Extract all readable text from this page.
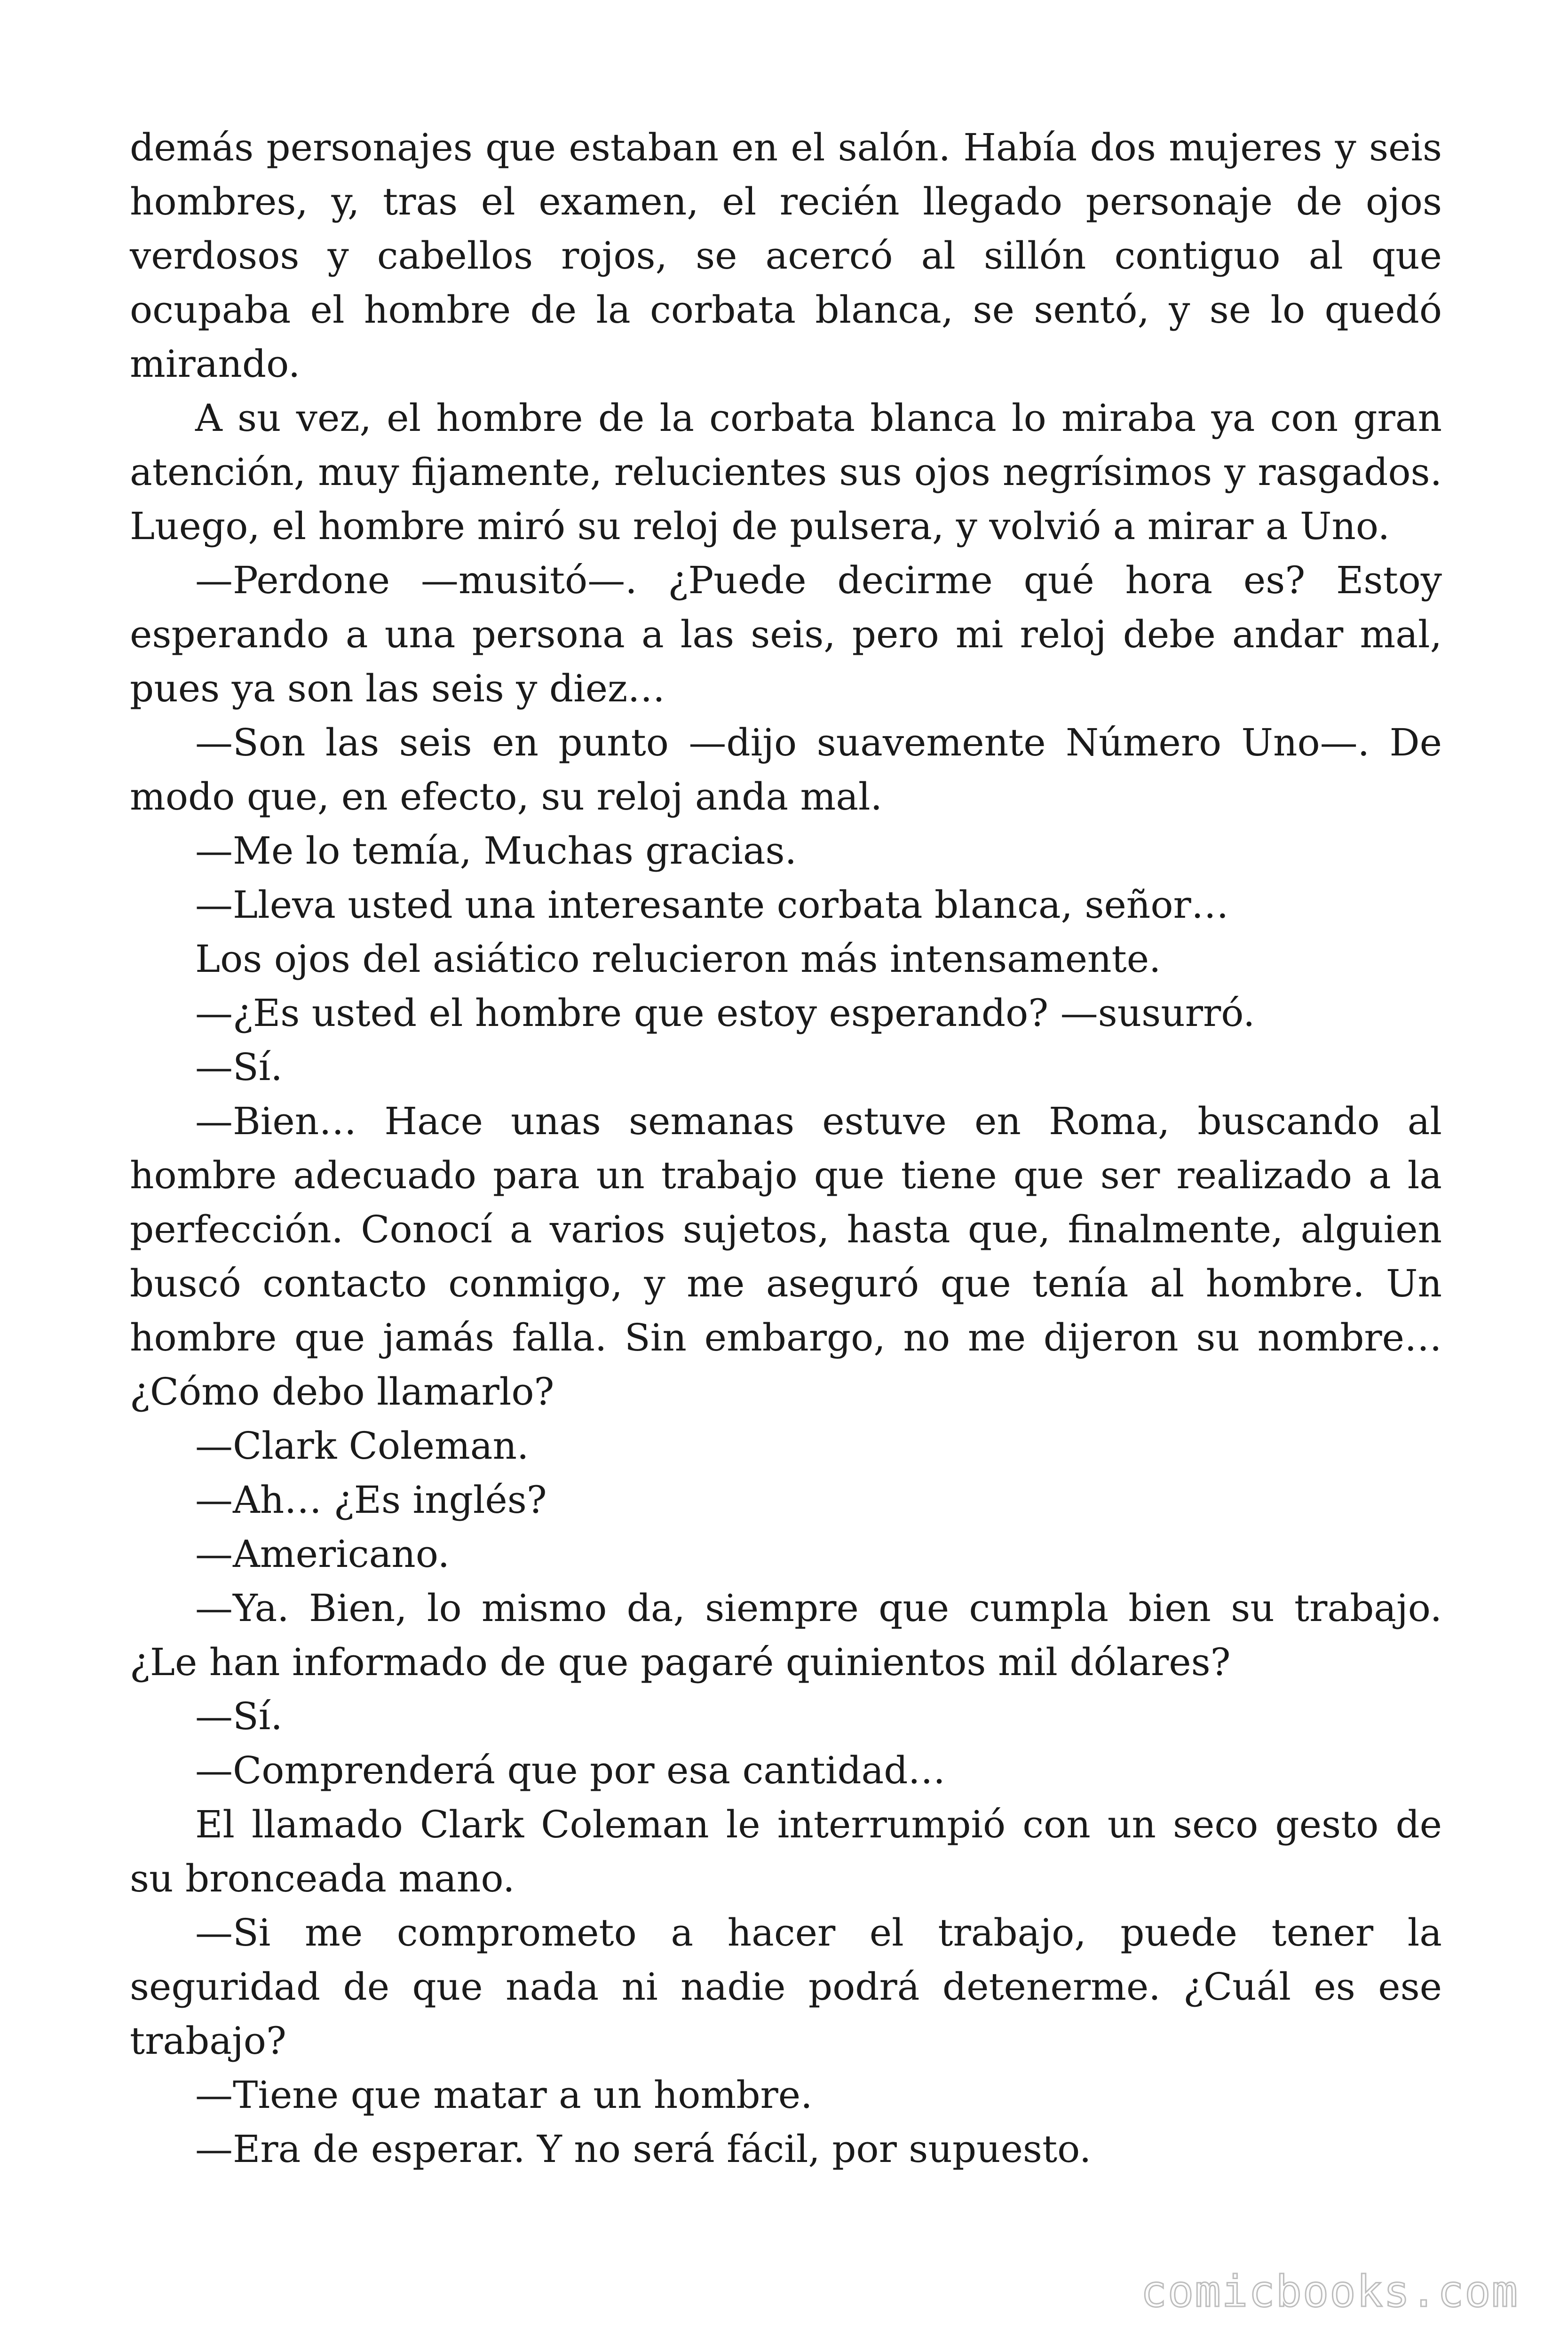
demás personajes que estaban en el salón. Había dos mujeres y seis hombres, y, tras el examen, el recién llegado personaje de ojos verdosos y cabellos rojos, se acercó al sillón contiguo al que ocupaba el hombre de la corbata blanca, se sentó, y se lo quedó mirando.

A su vez, el hombre de la corbata blanca lo miraba ya con gran atención, muy fijamente, relucientes sus ojos negrísimos y rasgados. Luego, el hombre miró su reloj de pulsera, y volvió a mirar a Uno.

—Perdone —musitó—. ¿Puede decirme qué hora es? Estoy esperando a una persona a las seis, pero mi reloj debe andar mal, pues ya son las seis y diez…

—Son las seis en punto —dijo suavemente Número Uno—. De modo que, en efecto, su reloj anda mal.

—Me lo temía, Muchas gracias.

—Lleva usted una interesante corbata blanca, señor…

Los ojos del asiático relucieron más intensamente.

—¿Es usted el hombre que estoy esperando? —susurró.

—Sí.

—Bien… Hace unas semanas estuve en Roma, buscando al hombre adecuado para un trabajo que tiene que ser realizado a la perfección. Conocí a varios sujetos, hasta que, finalmente, alguien buscó contacto conmigo, y me aseguró que tenía al hombre. Un hombre que jamás falla. Sin embargo, no me dijeron su nombre… ¿Cómo debo llamarlo?

—Clark Coleman.

—Ah… ¿Es inglés?

—Americano.

—Ya. Bien, lo mismo da, siempre que cumpla bien su trabajo. ¿Le han informado de que pagaré quinientos mil dólares?

—Sí.

—Comprenderá que por esa cantidad…

El llamado Clark Coleman le interrumpió con un seco gesto de su bronceada mano.

—Si me comprometo a hacer el trabajo, puede tener la seguridad de que nada ni nadie podrá detenerme. ¿Cuál es ese trabajo?

—Tiene que matar a un hombre.

—Era de esperar. Y no será fácil, por supuesto.

comicbooks.com
